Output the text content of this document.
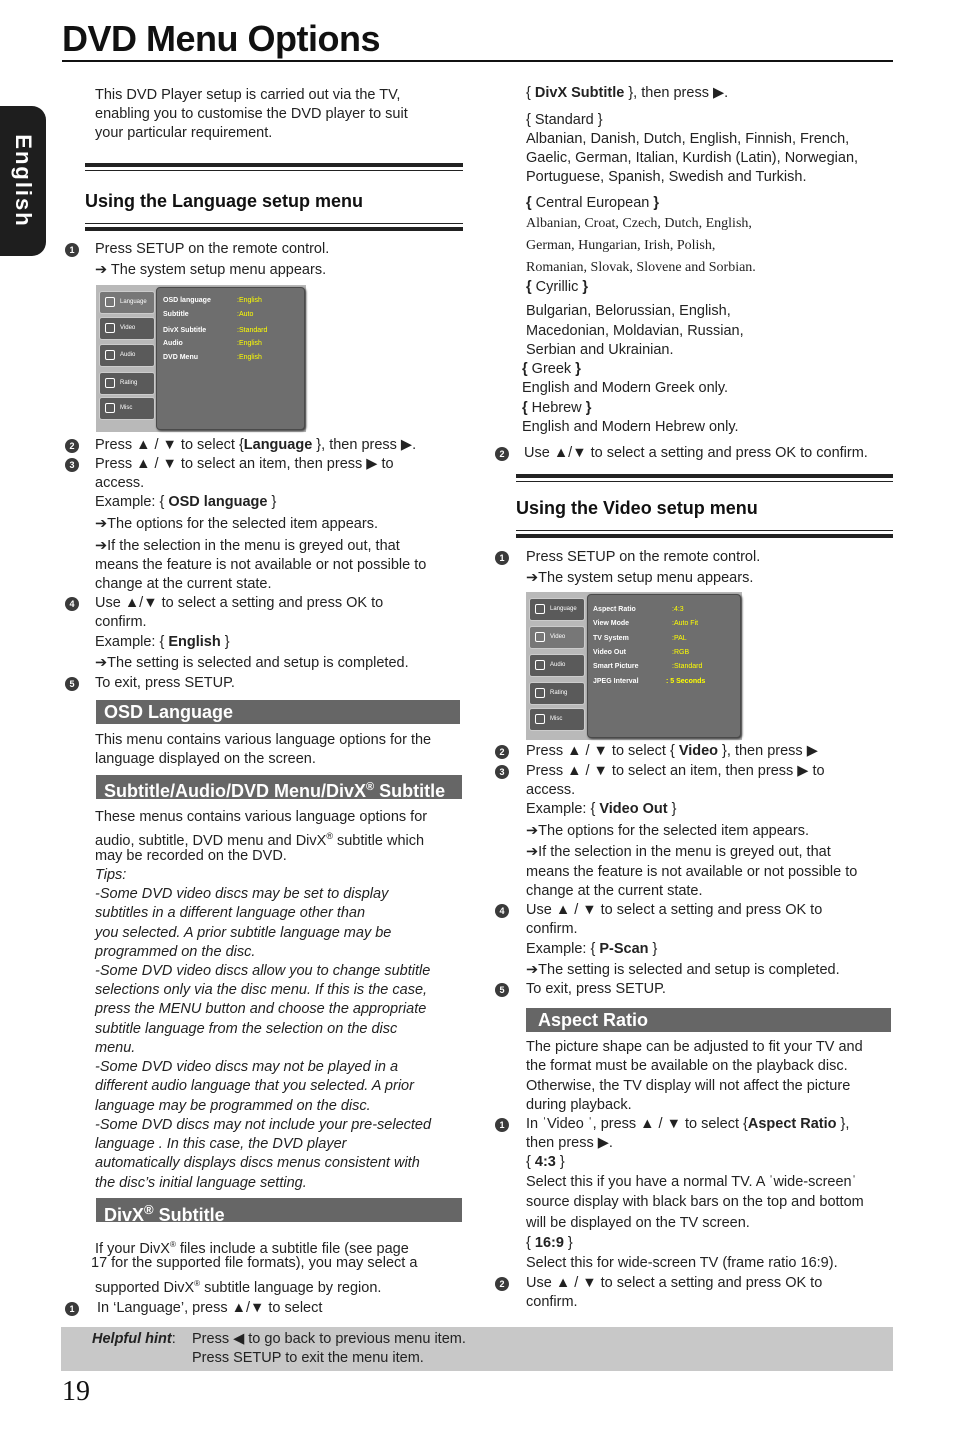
DVD Menu Options
English
This DVD Player setup is carried out via the TV,
enabling you to customise the DVD player to suit
your particular requirement.
Using the Language setup menu
1	Press SETUP on the remote control.
➔ The system setup menu appears.
Language
Video
Audio
Rating
Misc
OSD language	:English
Subtitle	:Auto
DivX Subtitle	:Standard
Audio	:English
DVD Menu	:English
2	Press ▲ / ▼ to select {Language }, then press ▶.
3	Press ▲ / ▼ to select an item, then press ▶ to
access.
Example: { OSD language }
➔The options for the selected item appears.
➔If the selection in the menu is greyed out, that
means the feature is not available or not possible to
change at the current state.
4	Use ▲/▼ to select a setting and press OK to
confirm.
Example: { English }
➔The setting is selected and setup is completed.
5	To exit, press SETUP.
OSD Language
This menu contains various language options for the
language displayed on the screen.
Subtitle/Audio/DVD Menu/DivX® Subtitle
These menus contains various language options for
audio, subtitle, DVD menu and DivX® subtitle which
may be recorded on the DVD.
Tips:
-Some DVD video discs may be set to display
subtitles in a different language other than
you selected. A prior subtitle language may be
programmed on the disc.
-Some DVD video discs allow you to change subtitle
selections only via the disc menu. If this is the case,
press the MENU button and choose the appropriate
subtitle language from the selection on the disc
menu.
-Some DVD video discs may not be played in a
different audio language that you selected. A prior
language may be programmed on the disc.
-Some DVD discs may not include your pre-selected
language . In this case, the DVD player
automatically displays discs menus consistent with
the disc’s initial language setting.
DivX® Subtitle
If your DivX® files include a subtitle file (see page
17 for the supported file formats), you may select a
supported DivX® subtitle language by region.
1	In ‘Language’, press ▲/▼ to select
{ DivX Subtitle }, then press ▶.
{ Standard }
Albanian, Danish, Dutch, English, Finnish, French,
Gaelic, German, Italian, Kurdish (Latin), Norwegian,
Portuguese, Spanish, Swedish and Turkish.
{ Central European }
Albanian, Croat, Czech, Dutch, English,
German, Hungarian, Irish, Polish,
Romanian, Slovak, Slovene and Sorbian.
{ Cyrillic }
Bulgarian, Belorussian, English,
Macedonian, Moldavian, Russian,
Serbian and Ukrainian.
{ Greek }
English and Modern Greek only.
{ Hebrew }
English and Modern Hebrew only.
2	Use ▲/▼ to select a setting and press OK to confirm.
Using the Video setup menu
1	Press SETUP on the remote control.
➔The system setup menu appears.
Language
Video
Audio
Rating
Misc
Aspect Ratio	:4:3
View Mode	:Auto Fit
TV System	:PAL
Video Out	:RGB
Smart Picture	:Standard
JPEG Interval	: 5 Seconds
2	Press ▲ / ▼ to select { Video }, then press ▶
3	Press ▲ / ▼ to select an item, then press ▶ to
access.
Example: { Video Out }
➔The options for the selected item appears.
➔If the selection in the menu is greyed out, that
means the feature is not available or not possible to
change at the current state.
4	Use ▲ / ▼ to select a setting and press OK to
confirm.
Example: { P-Scan }
➔The setting is selected and setup is completed.
5	To exit, press SETUP.
Aspect Ratio
The picture shape can be adjusted to fit your TV and
the format must be available on the playback disc.
Otherwise, the TV display will not affect the picture
during playback.
1	In ˈVideo ˈ, press ▲ / ▼ to select {Aspect Ratio },
then press ▶.
{ 4:3 }
Select this if you have a normal TV. A ˈwide-screenˈ
source display with black bars on the top and bottom
will be displayed on the TV screen.
{ 16:9 }
Select this for wide-screen TV (frame ratio 16:9).
2	Use ▲ / ▼ to select a setting and press OK to
confirm.
Helpful hint: Press ◀ to go back to previous menu item.
Press SETUP to exit the menu item.
19
